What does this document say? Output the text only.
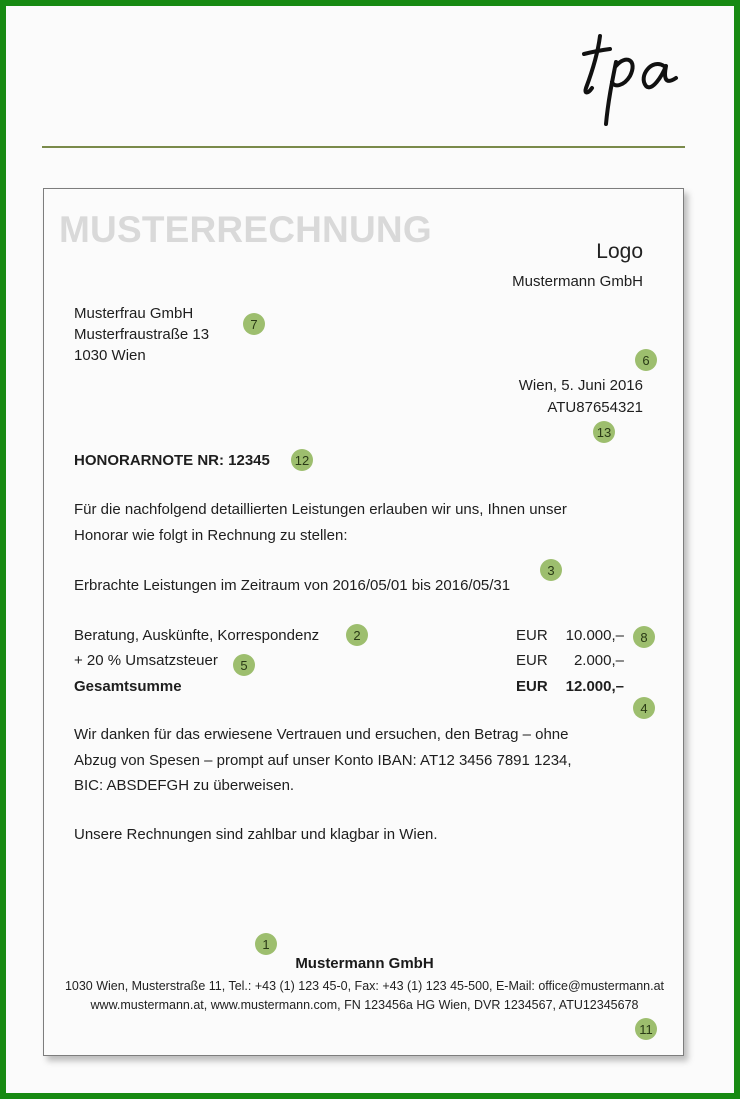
MUSTERRECHNUNG
Logo
Mustermann GmbH
Musterfrau GmbH
Musterfraustraße 13
1030 Wien
7
6
Wien, 5. Juni 2016
ATU87654321
13
HONORARNOTE NR: 12345 12
Für die nachfolgend detaillierten Leistungen erlauben wir uns, Ihnen unser
Honorar wie folgt in Rechnung zu stellen:
3
Erbrachte Leistungen im Zeitraum von 2016/05/01 bis 2016/05/31
Beratung, Auskünfte, Korrespondenz	2	EUR 10.000,–	8
+ 20 % Umsatzsteuer	5	EUR 2.000,–
Gesamtsumme	EUR 12.000,–
4
Wir danken für das erwiesene Vertrauen und ersuchen, den Betrag – ohne
Abzug von Spesen – prompt auf unser Konto IBAN: AT12 3456 7891 1234,
BIC: ABSDEFGH zu überweisen.
Unsere Rechnungen sind zahlbar und klagbar in Wien.
1
Mustermann GmbH
1030 Wien, Musterstraße 11, Tel.: +43 (1) 123 45-0, Fax: +43 (1) 123 45-500, E-Mail: office@mustermann.at
www.mustermann.at, www.mustermann.com, FN 123456a HG Wien, DVR 1234567, ATU12345678
11
